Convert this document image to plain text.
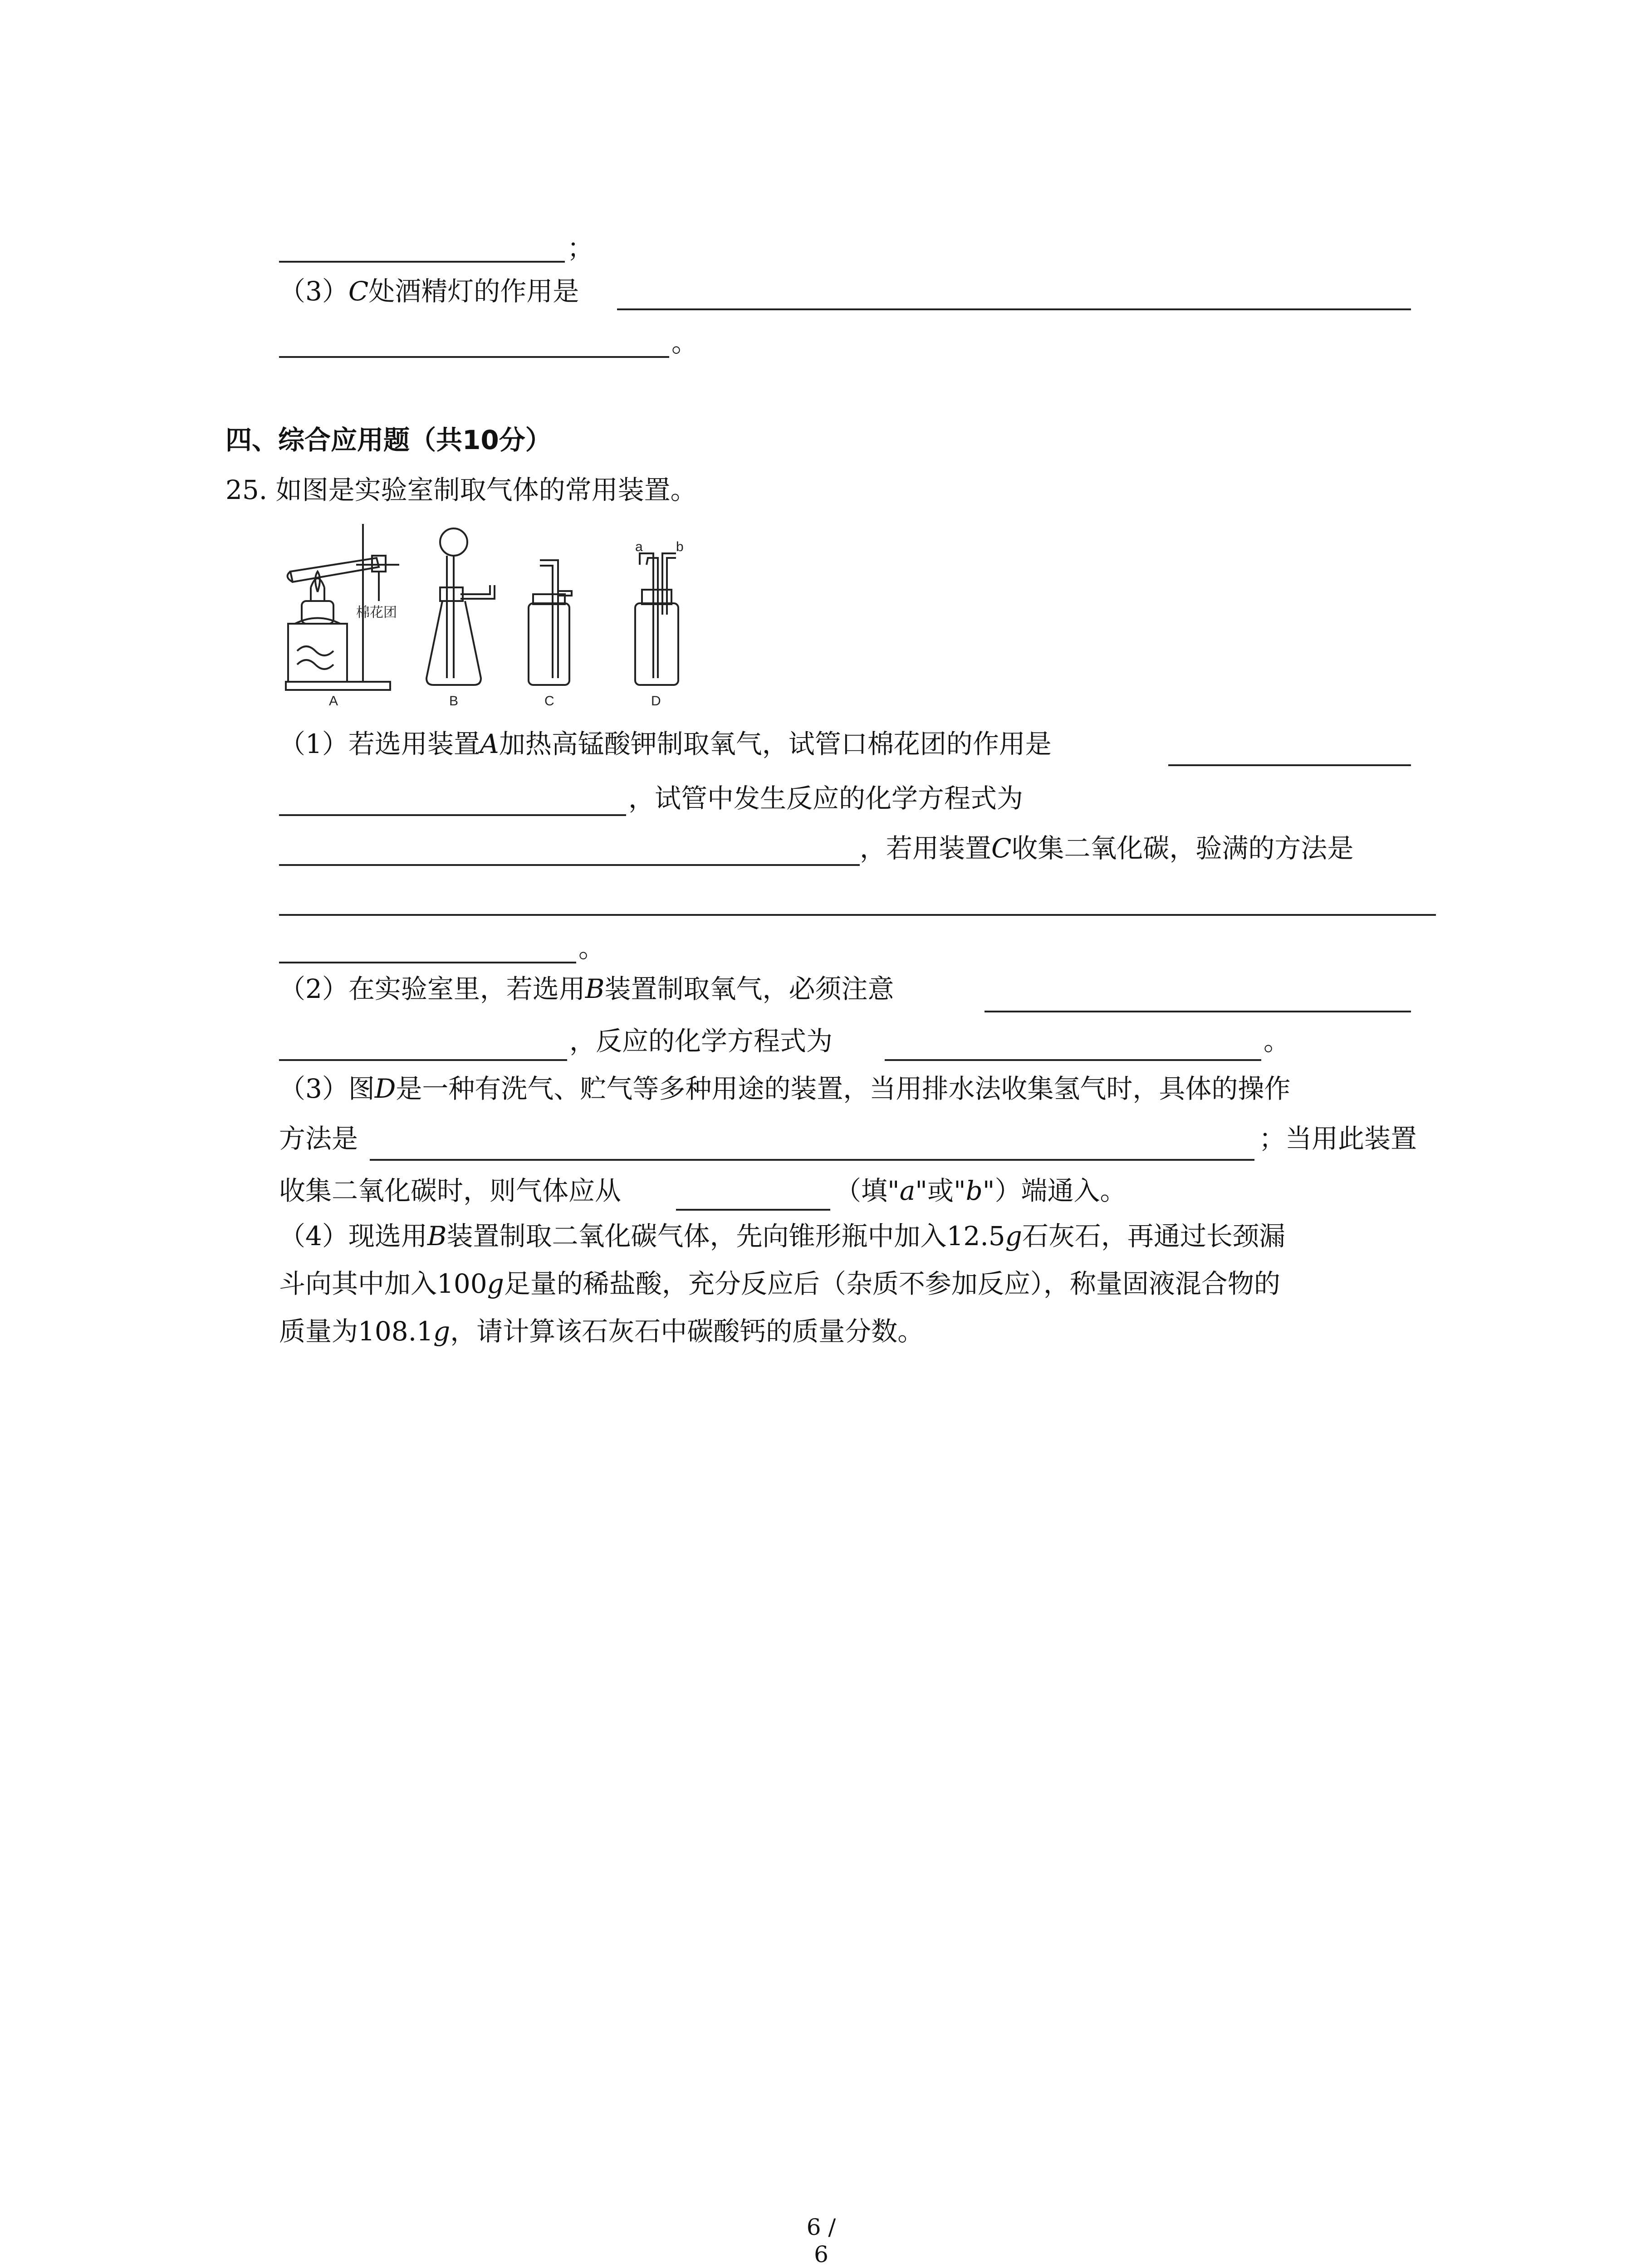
；
（3）C处酒精灯的作用是
。
四、综合应用题（共10分）
25. 如图是实验室制取气体的常用装置。
棉花团
A	B	C	D
a b
（1）若选用装置A加热高锰酸钾制取氧气，试管口棉花团的作用是
，试管中发生反应的化学方程式为
，若用装置C收集二氧化碳，验满的方法是
。
（2）在实验室里，若选用B装置制取氧气，必须注意
，反应的化学方程式为	。
（3）图D是一种有洗气、贮气等多种用途的装置，当用排水法收集氢气时，具体的操作
方法是	；当用此装置
收集二氧化碳时，则气体应从	（填"a"或"b"）端通入。
（4）现选用B装置制取二氧化碳气体，先向锥形瓶中加入12.5g石灰石，再通过长颈漏
斗向其中加入100g足量的稀盐酸，充分反应后（杂质不参加反应），称量固液混合物的
质量为108.1g，请计算该石灰石中碳酸钙的质量分数。
6 / 6
